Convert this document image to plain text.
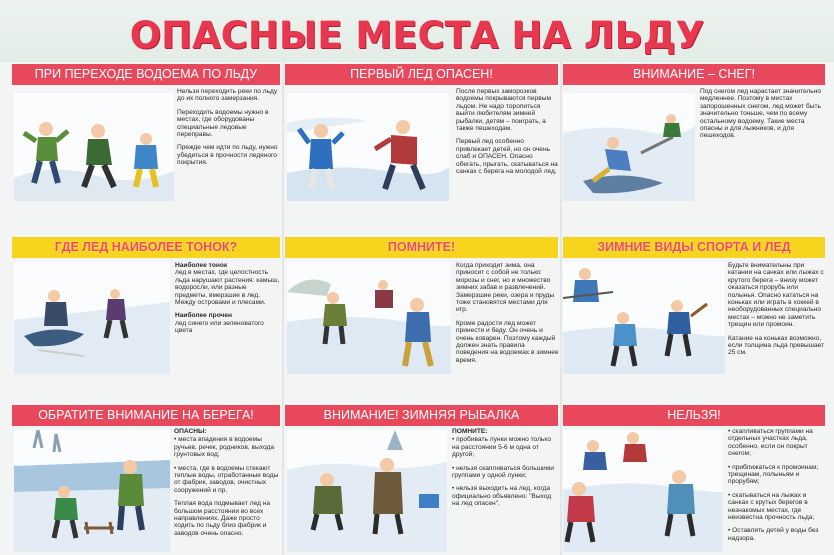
ОПАСНЫЕ МЕСТА НА ЛЬДУ
ПРИ ПЕРЕХОДЕ ВОДОЕМА ПО ЛЬДУ	ПЕРВЫЙ ЛЕД ОПАСЕН!	ВНИМАНИЕ – СНЕГ!

Нельзя переходить реки по льду до их полного замерзания.

Переходить водоемы нужно в местах, где оборудованы специальные ледовые переправы.

Прежде чем идти по льду, нужно убедиться в прочности ледяного покрытия.

После первых заморозков водоемы покрываются первым льдом. Не надо торопиться выйти любителям зимней рыбалки, детям – поиграть, а также пешеходам.

Первый лед особенно привлекает детей, но он очень слаб и ОПАСЕН. Опасно обегать, прыгать, скатываться на санках с берега на молодой лед.

Под снегом лед нарастает значительно медленнее. Поэтому в местах запорошенных снегом, лед может быть значительно тоньше, чем по всему остальному водоему. Такие места опасны и для лыжников, и для пешеходов.

ГДЕ ЛЕД НАИБОЛЕЕ ТОНОК?	ПОМНИТЕ!	ЗИМНИЕ ВИДЫ СПОРТА И ЛЕД

Наиболее тонок
лед в местах, где целостность льда нарушают растения: камыш, водоросли, или разные предметы, вмерзшие в лед. Между островами и плесами.

Наиболее прочен
лед синего или зеленоватого цвета

Когда приходит зима, она приносит с собой не только морозы и снег, но и множество зимних забав и развлечений. Замерзшие реки, озера и пруды тоже становятся местами для игр.

Кроме радости лед может принести и беду. Он очень и очень коварен. Поэтому каждый должен знать правила поведения на водоемах в зимнее время.

Будьте внимательны при катании на санках или лыжах с крутого берега – внизу может оказаться прорубь или полынья. Опасно кататься на коньках или играть в хоккей в необорудованных специально местах – можно не заметить трещин или промоин.

Катание на коньках возможно, если толщина льда превышает 25 см.

ОБРАТИТЕ ВНИМАНИЕ НА БЕРЕГА!	ВНИМАНИЕ! ЗИМНЯЯ РЫБАЛКА	НЕЛЬЗЯ!

ОПАСНЫ:

• места впадения в водоемы ручьев, речек, родников, выхода грунтовых вод;
• места, где в водоемы стекают теплые воды, отработанные воды от фабрик, заводов, очистных сооружений и пр.

Теплая вода подмывает лед на большом расстоянии во всех направлениях. Даже просто ходить по льду близ фабрик и заводов очень опасно.

ПОМНИТЕ:

• пробивать лунки можно только на расстоянии 5-6 м одна от другой;
• нельзя скапливаться большими группами у одной лунки;
• нельзя выходить на лед, когда официально объявлено: "Выход на лед опасен".
• скапливаться группами на отдельных участках льда, особенно, если он покрыт снегом;
• приближаться к промоинам, трещинам, полыньям и прорубям;
• скатываться на лыжах и санках с крутых берегов в незнакомых местах, где неизвестна прочность льда;
• Оставлять детей у воды без надзора.
